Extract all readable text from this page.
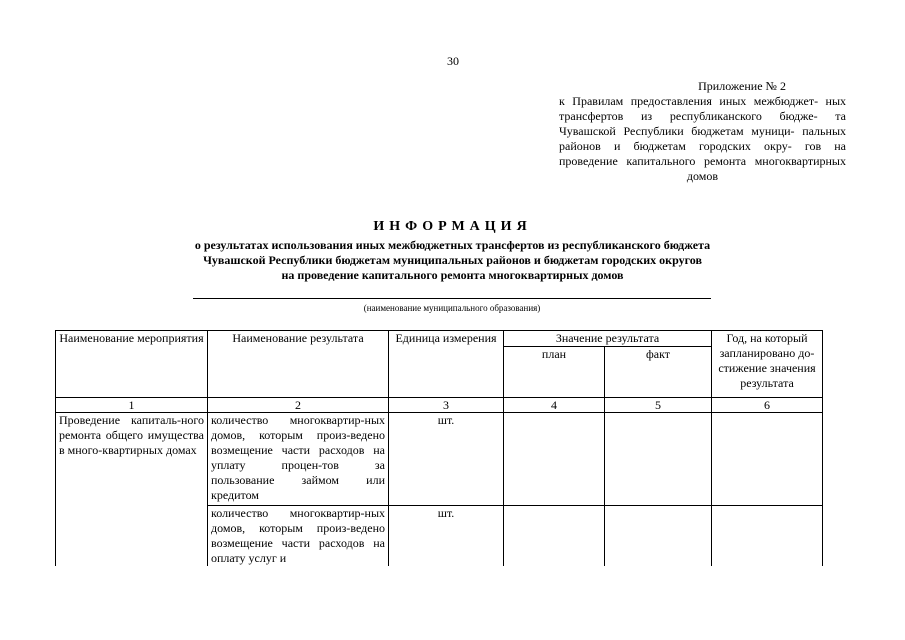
30
Приложение № 2
к Правилам предоставления иных межбюджет- ных трансфертов из республиканского бюдже- та Чувашской Республики бюджетам муници- пальных районов и бюджетам городских окру- гов на проведение капитального ремонта многоквартирных домов
ИНФОРМАЦИЯ
о результатах использования иных межбюджетных трансфертов из республиканского бюджета
Чувашской Республики бюджетам муниципальных районов и бюджетам городских округов
на проведение капитального ремонта многоквартирных домов
(наименование муниципального образования)
Наименование мероприятия	Наименование результата	Единица измерения	Значение результата		Год, на который запланировано до-стижение значения результата
			план	факт	
1	2	3	4	5	6
Проведение капиталь-ного ремонта общего имущества в много-квартирных домах	количество многоквартир-ных домов, которым произ-ведено возмещение части расходов на уплату процен-тов за пользование займом или кредитом	шт.			
	количество многоквартир-ных домов, которым произ-ведено возмещение части расходов на оплату услуг и	шт.			
